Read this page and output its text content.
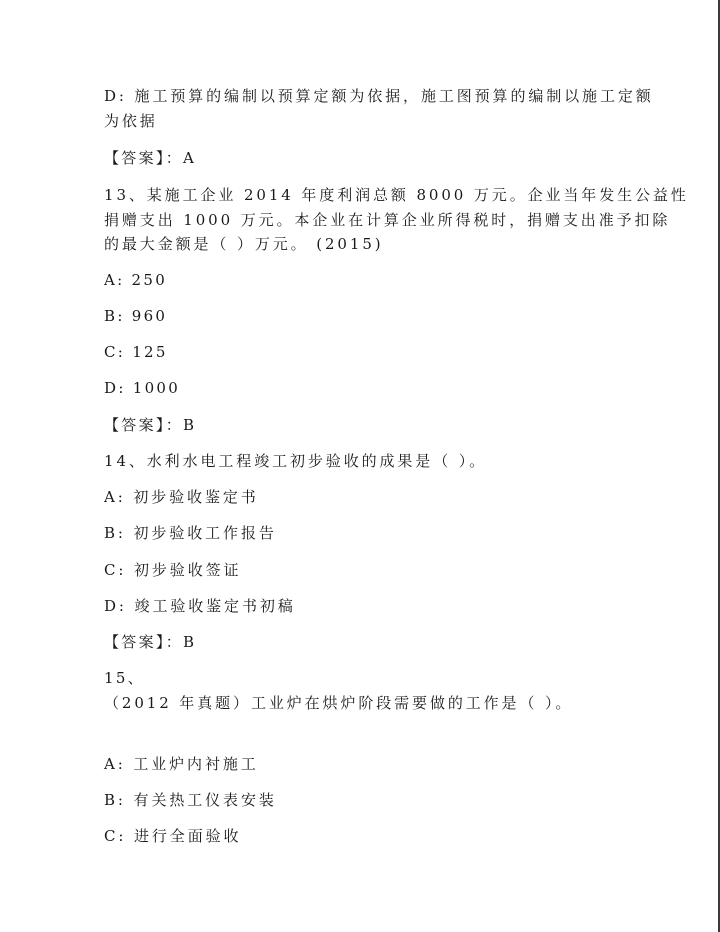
D: 施工预算的编制以预算定额为依据，施工图预算的编制以施工定额
为依据
【答案】：A
13、某施工企业 2014 年度利润总额 8000 万元。企业当年发生公益性
捐赠支出 1000 万元。本企业在计算企业所得税时，捐赠支出准予扣除
的最大金额是（ ）万元。 (2015)
A: 250
B: 960
C: 125
D: 1000
【答案】：B
14、水利水电工程竣工初步验收的成果是（ ）。
A: 初步验收鉴定书
B: 初步验收工作报告
C: 初步验收签证
D: 竣工验收鉴定书初稿
【答案】：B
15、
（2012 年真题）工业炉在烘炉阶段需要做的工作是（ ）。
A: 工业炉内衬施工
B: 有关热工仪表安装
C: 进行全面验收
